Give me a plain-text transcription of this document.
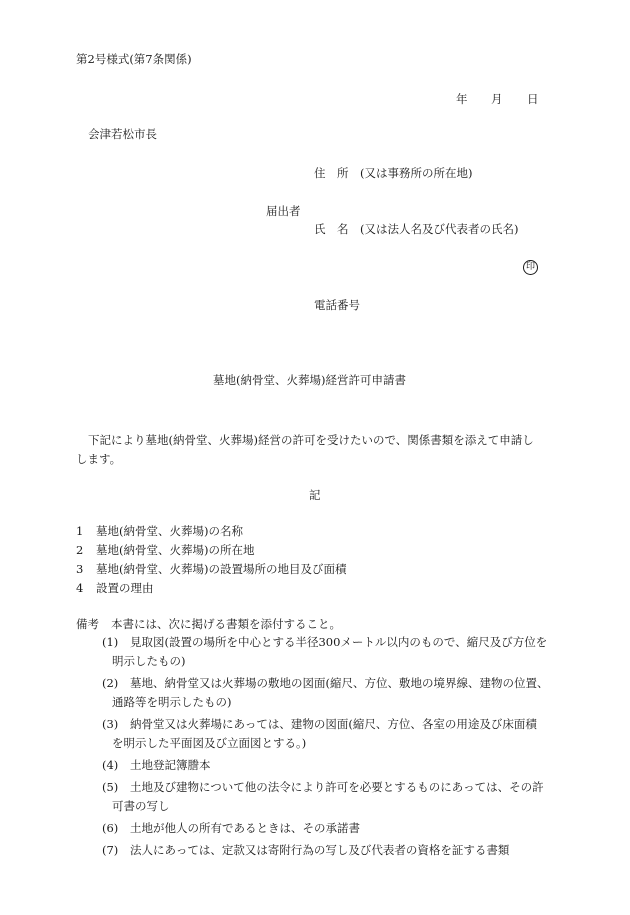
第2号様式(第7条関係)
年 月 日
会津若松市長
住　所 (又は事務所の所在地)
届出者
氏　名 (又は法人名及び代表者の氏名)
印
電話番号
墓地(納骨堂、火葬場)経営許可申請書
下記により墓地(納骨堂、火葬場)経営の許可を受けたいので、関係書類を添えて申請し
します。
記
1 墓地(納骨堂、火葬場)の名称
2 墓地(納骨堂、火葬場)の所在地
3 墓地(納骨堂、火葬場)の設置場所の地目及び面積
4 設置の理由
備考 本書には、次に掲げる書類を添付すること。
(1) 見取図(設置の場所を中心とする半径300メートル以内のもので、縮尺及び方位を
明示したもの)
(2) 墓地、納骨堂又は火葬場の敷地の図面(縮尺、方位、敷地の境界線、建物の位置、
通路等を明示したもの)
(3) 納骨堂又は火葬場にあっては、建物の図面(縮尺、方位、各室の用途及び床面積
を明示した平面図及び立面図とする。)
(4) 土地登記簿謄本
(5) 土地及び建物について他の法令により許可を必要とするものにあっては、その許
可書の写し
(6) 土地が他人の所有であるときは、その承諾書
(7) 法人にあっては、定款又は寄附行為の写し及び代表者の資格を証する書類
